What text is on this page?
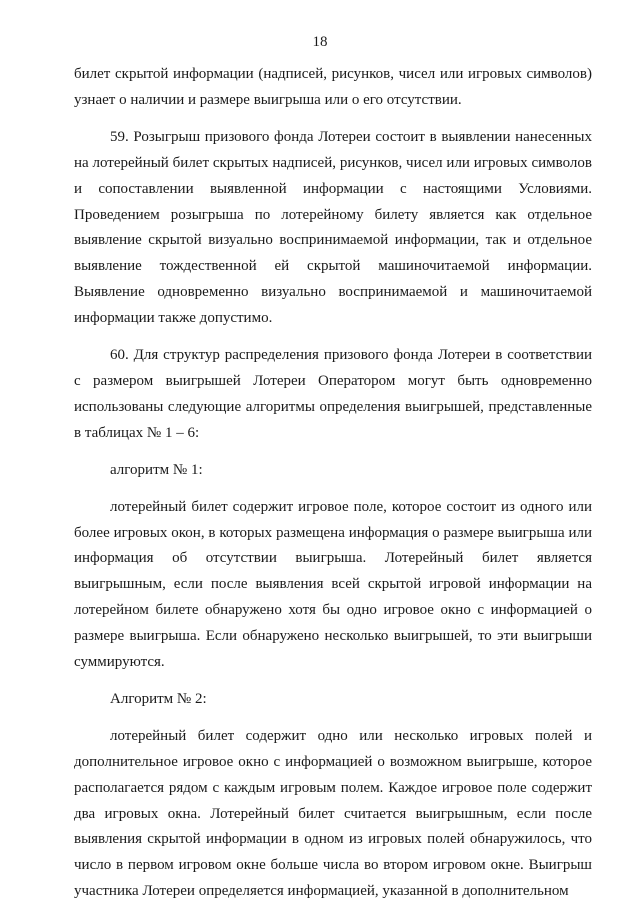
18

билет скрытой информации (надписей, рисунков, чисел или игровых символов) узнает о наличии и размере выигрыша или о его отсутствии.

59. Розыгрыш призового фонда Лотереи состоит в выявлении нанесенных на лотерейный билет скрытых надписей, рисунков, чисел или игровых символов и сопоставлении выявленной информации с настоящими Условиями. Проведением розыгрыша по лотерейному билету является как отдельное выявление скрытой визуально воспринимаемой информации, так и отдельное выявление тождественной ей скрытой машиночитаемой информации. Выявление одновременно визуально воспринимаемой и машиночитаемой информации также допустимо.

60. Для структур распределения призового фонда Лотереи в соответствии с размером выигрышей Лотереи Оператором могут быть одновременно использованы следующие алгоритмы определения выигрышей, представленные в таблицах № 1 – 6:

алгоритм № 1:

лотерейный билет содержит игровое поле, которое состоит из одного или более игровых окон, в которых размещена информация о размере выигрыша или информация об отсутствии выигрыша. Лотерейный билет является выигрышным, если после выявления всей скрытой игровой информации на лотерейном билете обнаружено хотя бы одно игровое окно с информацией о размере выигрыша. Если обнаружено несколько выигрышей, то эти выигрыши суммируются.

Алгоритм № 2:

лотерейный билет содержит одно или несколько игровых полей и дополнительное игровое окно с информацией о возможном выигрыше, которое располагается рядом с каждым игровым полем. Каждое игровое поле содержит два игровых окна. Лотерейный билет считается выигрышным, если после выявления скрытой информации в одном из игровых полей обнаружилось, что число в первом игровом окне больше числа во втором игровом окне. Выигрыш участника Лотереи определяется информацией, указанной в дополнительном
